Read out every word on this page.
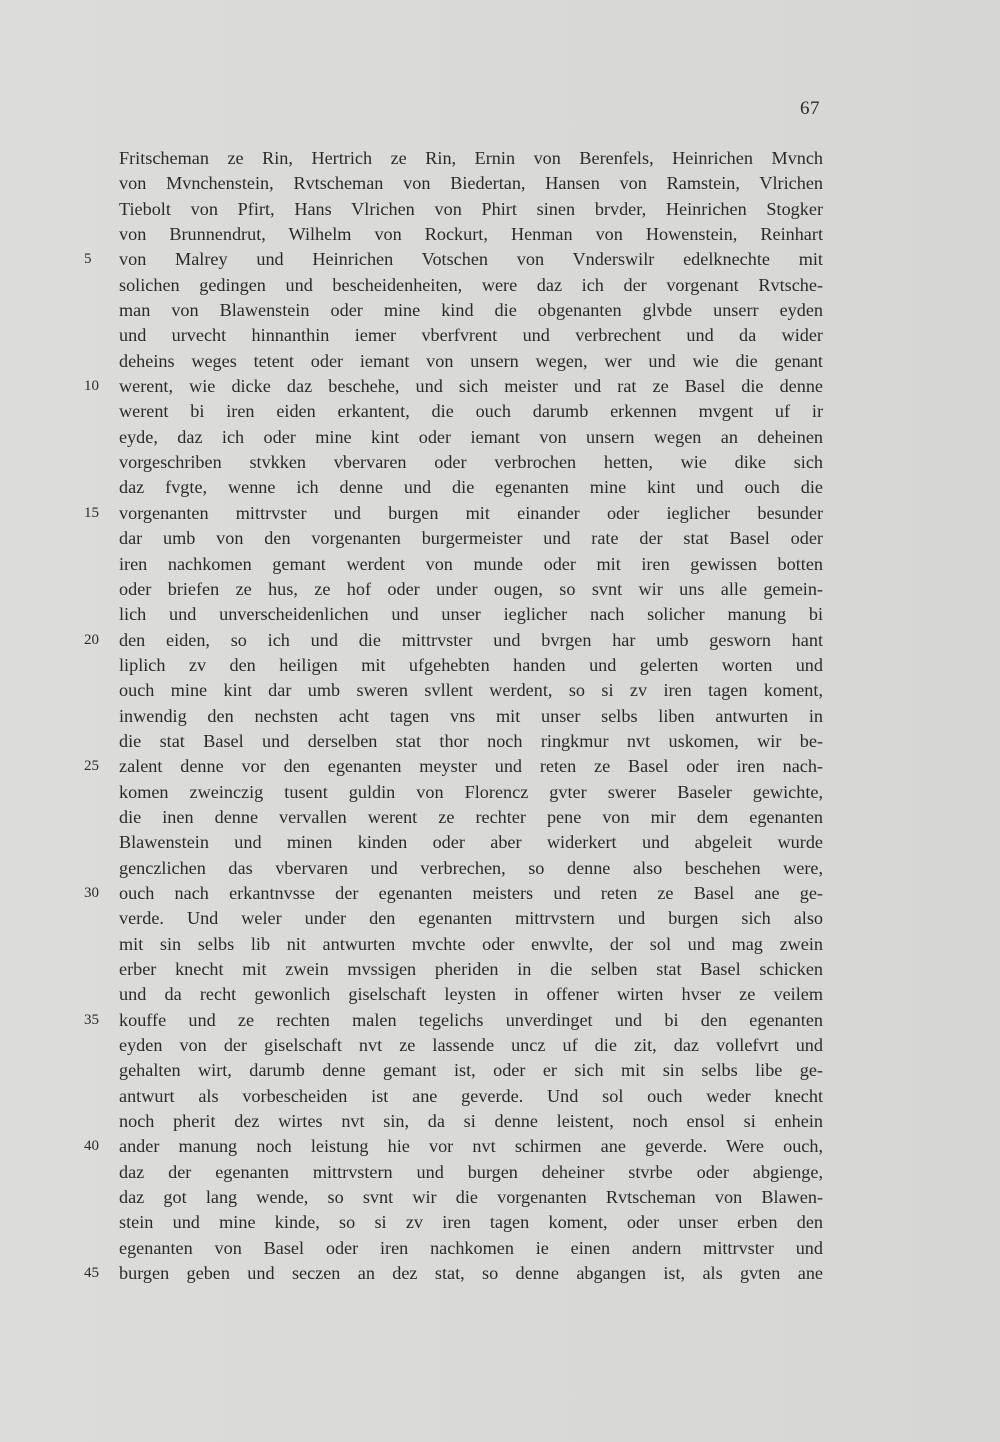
67
Fritscheman ze Rin, Hertrich ze Rin, Ernin von Berenfels, Heinrichen Mvnch
von Mvnchenstein, Rvtscheman von Biedertan, Hansen von Ramstein, Vlrichen
Tiebolt von Pfirt, Hans Vlrichen von Phirt sinen brvder, Heinrichen Stogker
von Brunnendrut, Wilhelm von Rockurt, Henman von Howenstein, Reinhart
5	von Malrey und Heinrichen Votschen von Vnderswilr edelknechte mit
solichen gedingen und bescheidenheiten, were daz ich der vorgenant Rvtsche-
man von Blawenstein oder mine kind die obgenanten glvbde unserr eyden
und urvecht hinnanthin iemer vberfvrent und verbrechent und da wider
deheins weges tetent oder iemant von unsern wegen, wer und wie die genant
10	werent, wie dicke daz beschehe, und sich meister und rat ze Basel die denne
werent bi iren eiden erkantent, die ouch darumb erkennen mvgent uf ir
eyde, daz ich oder mine kint oder iemant von unsern wegen an deheinen
vorgeschriben stvkken vbervaren oder verbrochen hetten, wie dike sich
daz fvgte, wenne ich denne und die egenanten mine kint und ouch die
15	vorgenanten mittrvster und burgen mit einander oder ieglicher besunder
dar umb von den vorgenanten burgermeister und rate der stat Basel oder
iren nachkomen gemant werdent von munde oder mit iren gewissen botten
oder briefen ze hus, ze hof oder under ougen, so svnt wir uns alle gemein-
lich und unverscheidenlichen und unser ieglicher nach solicher manung bi
20	den eiden, so ich und die mittrvster und bvrgen har umb gesworn hant
liplich zv den heiligen mit ufgehebten handen und gelerten worten und
ouch mine kint dar umb sweren svllent werdent, so si zv iren tagen koment,
inwendig den nechsten acht tagen vns mit unser selbs liben antwurten in
die stat Basel und derselben stat thor noch ringkmur nvt uskomen, wir be-
25	zalent denne vor den egenanten meyster und reten ze Basel oder iren nach-
komen zweinczig tusent guldin von Florencz gvter swerer Baseler gewichte,
die inen denne vervallen werent ze rechter pene von mir dem egenanten
Blawenstein und minen kinden oder aber widerkert und abgeleit wurde
genczlichen das vbervaren und verbrechen, so denne also beschehen were,
30	ouch nach erkantnvsse der egenanten meisters und reten ze Basel ane ge-
verde. Und weler under den egenanten mittrvstern und burgen sich also
mit sin selbs lib nit antwurten mvchte oder enwvlte, der sol und mag zwein
erber knecht mit zwein mvssigen pheriden in die selben stat Basel schicken
und da recht gewonlich giselschaft leysten in offener wirten hvser ze veilem
35	kouffe und ze rechten malen tegelichs unverdinget und bi den egenanten
eyden von der giselschaft nvt ze lassende uncz uf die zit, daz vollefvrt und
gehalten wirt, darumb denne gemant ist, oder er sich mit sin selbs libe ge-
antwurt als vorbescheiden ist ane geverde. Und sol ouch weder knecht
noch pherit dez wirtes nvt sin, da si denne leistent, noch ensol si enhein
40	ander manung noch leistung hie vor nvt schirmen ane geverde. Were ouch,
daz der egenanten mittrvstern und burgen deheiner stvrbe oder abgienge,
daz got lang wende, so svnt wir die vorgenanten Rvtscheman von Blawen-
stein und mine kinde, so si zv iren tagen koment, oder unser erben den
egenanten von Basel oder iren nachkomen ie einen andern mittrvster und
45	burgen geben und seczen an dez stat, so denne abgangen ist, als gvten ane
